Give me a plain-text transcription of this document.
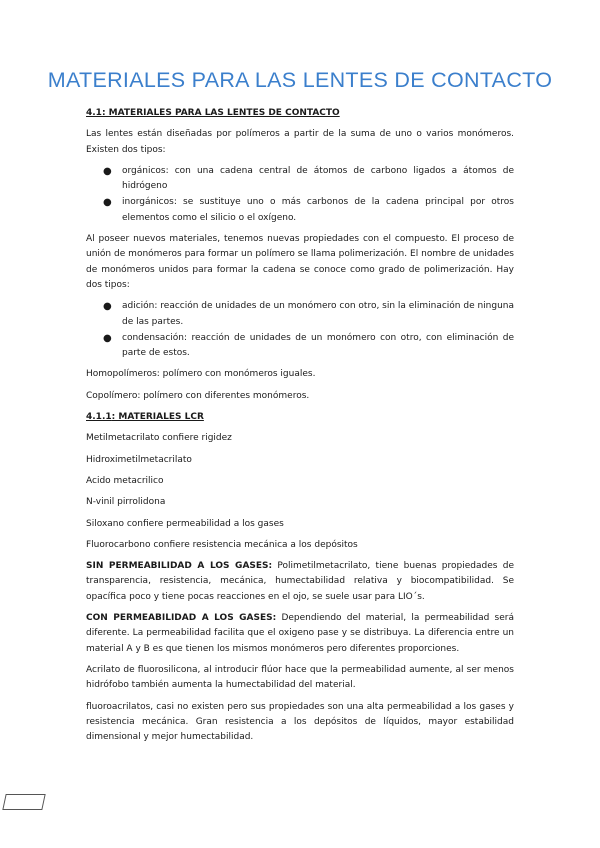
MATERIALES PARA LAS LENTES DE CONTACTO
4.1: MATERIALES PARA LAS LENTES DE CONTACTO

Las lentes están diseñadas por polímeros a partir de la suma de uno o varios monómeros. Existen dos tipos:

● orgánicos: con una cadena central de átomos de carbono ligados a átomos de hidrógeno
● inorgánicos: se sustituye uno o más carbonos de la cadena principal por otros elementos como el silicio o el oxígeno.

Al poseer nuevos materiales, tenemos nuevas propiedades con el compuesto. El proceso de unión de monómeros para formar un polímero se llama polimerización. El nombre de unidades de monómeros unidos para formar la cadena se conoce como grado de polimerización. Hay dos tipos:

● adición: reacción de unidades de un monómero con otro, sin la eliminación de ninguna de las partes.
● condensación: reacción de unidades de un monómero con otro, con eliminación de parte de estos.

Homopolímeros: polímero con monómeros iguales.

Copolímero: polímero con diferentes monómeros.

4.1.1: MATERIALES LCR

Metilmetacrilato confiere rigidez

Hidroximetilmetacrilato

Acido metacrilico

N-vinil pirrolidona

Siloxano confiere permeabilidad a los gases

Fluorocarbono confiere resistencia mecánica a los depósitos

SIN PERMEABILIDAD A LOS GASES: Polimetilmetacrilato, tiene buenas propiedades de transparencia, resistencia, mecánica, humectabilidad relativa y biocompatibilidad. Se opacífica poco y tiene pocas reacciones en el ojo, se suele usar para LIO´s.

CON PERMEABILIDAD A LOS GASES: Dependiendo del material, la permeabilidad será diferente. La permeabilidad facilita que el oxigeno pase y se distribuya. La diferencia entre un material A y B es que tienen los mismos monómeros pero diferentes proporciones.

Acrilato de fluorosilicona, al introducir flúor hace que la permeabilidad aumente, al ser menos hidrófobo también aumenta la humectabilidad del material.

fluoroacrilatos, casi no existen pero sus propiedades son una alta permeabilidad a los gases y resistencia mecánica. Gran resistencia a los depósitos de líquidos, mayor estabilidad dimensional y mejor humectabilidad.
